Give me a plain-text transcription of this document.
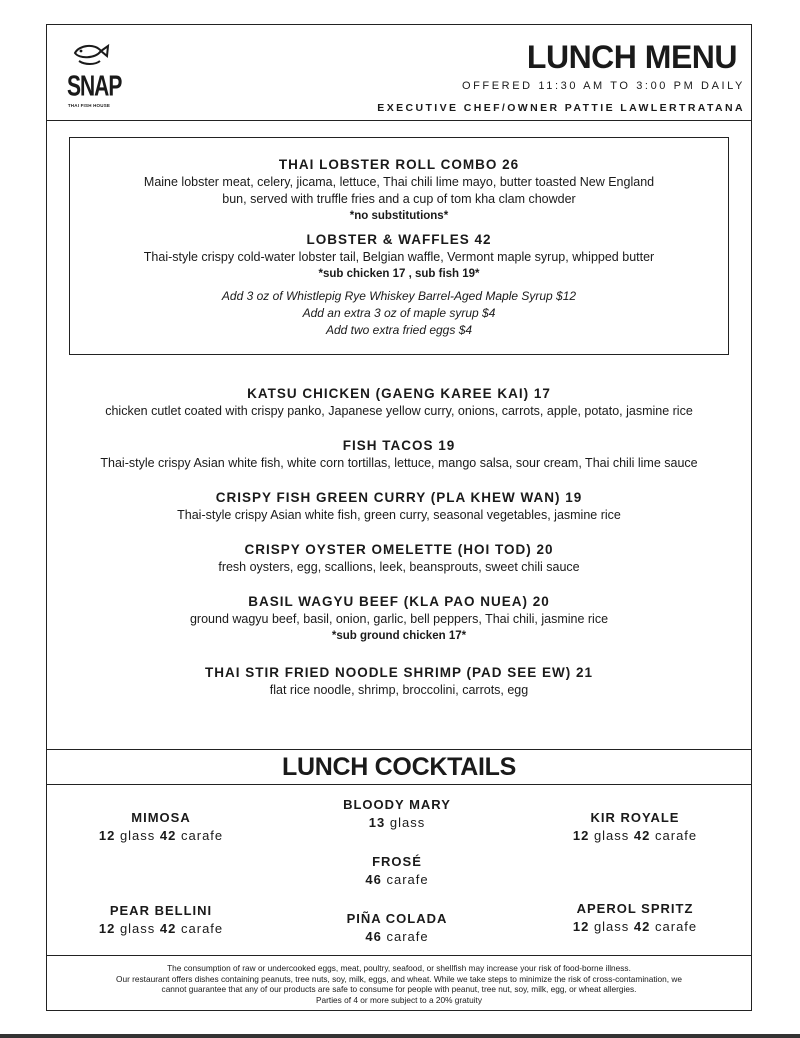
SNAP
THAI FISH HOUSE
LUNCH MENU
OFFERED 11:30 AM TO 3:00 PM DAILY
EXECUTIVE CHEF/OWNER PATTIE LAWLERTRATANA

THAI LOBSTER ROLL COMBO 26

Maine lobster meat, celery, jicama, lettuce, Thai chili lime mayo, butter toasted New England

bun, served with truffle fries and a cup of tom kha clam chowder

*no substitutions*

LOBSTER & WAFFLES 42

Thai-style crispy cold-water lobster tail, Belgian waffle, Vermont maple syrup, whipped butter

*sub chicken 17 , sub fish 19*

Add 3 oz of Whistlepig Rye Whiskey Barrel-Aged Maple Syrup $12

Add an extra 3 oz of maple syrup $4

Add two extra fried eggs $4

KATSU CHICKEN (GAENG KAREE KAI) 17

chicken cutlet coated with crispy panko, Japanese yellow curry, onions, carrots, apple, potato, jasmine rice

FISH TACOS 19

Thai-style crispy Asian white fish, white corn tortillas, lettuce, mango salsa, sour cream, Thai chili lime sauce

CRISPY FISH GREEN CURRY (PLA KHEW WAN) 19

Thai-style crispy Asian white fish, green curry, seasonal vegetables, jasmine rice

CRISPY OYSTER OMELETTE (HOI TOD) 20

fresh oysters, egg, scallions, leek, beansprouts, sweet chili sauce

BASIL WAGYU BEEF (KLA PAO NUEA) 20

ground wagyu beef, basil, onion, garlic, bell peppers, Thai chili, jasmine rice

*sub ground chicken 17*

THAI STIR FRIED NOODLE SHRIMP (PAD SEE EW) 21

flat rice noodle, shrimp, broccolini, carrots, egg

LUNCH COCKTAILS
MIMOSA
12 glass 42 carafe
BLOODY MARY
13 glass	KIR ROYALE
12 glass 42 carafe
FROSÉ
46 carafe
PEAR BELLINI
12 glass 42 carafe
PIÑA COLADA
46 carafe
APEROL SPRITZ
12 glass 42 carafe
The consumption of raw or undercooked eggs, meat, poultry, seafood, or shellfish may increase your risk of food-borne illness.
Our restaurant offers dishes containing peanuts, tree nuts, soy, milk, eggs, and wheat. While we take steps to minimize the risk of cross-contamination, we
cannot guarantee that any of our products are safe to consume for people with peanut, tree nut, soy, milk, egg, or wheat allergies.
Parties of 4 or more subject to a 20% gratuity
